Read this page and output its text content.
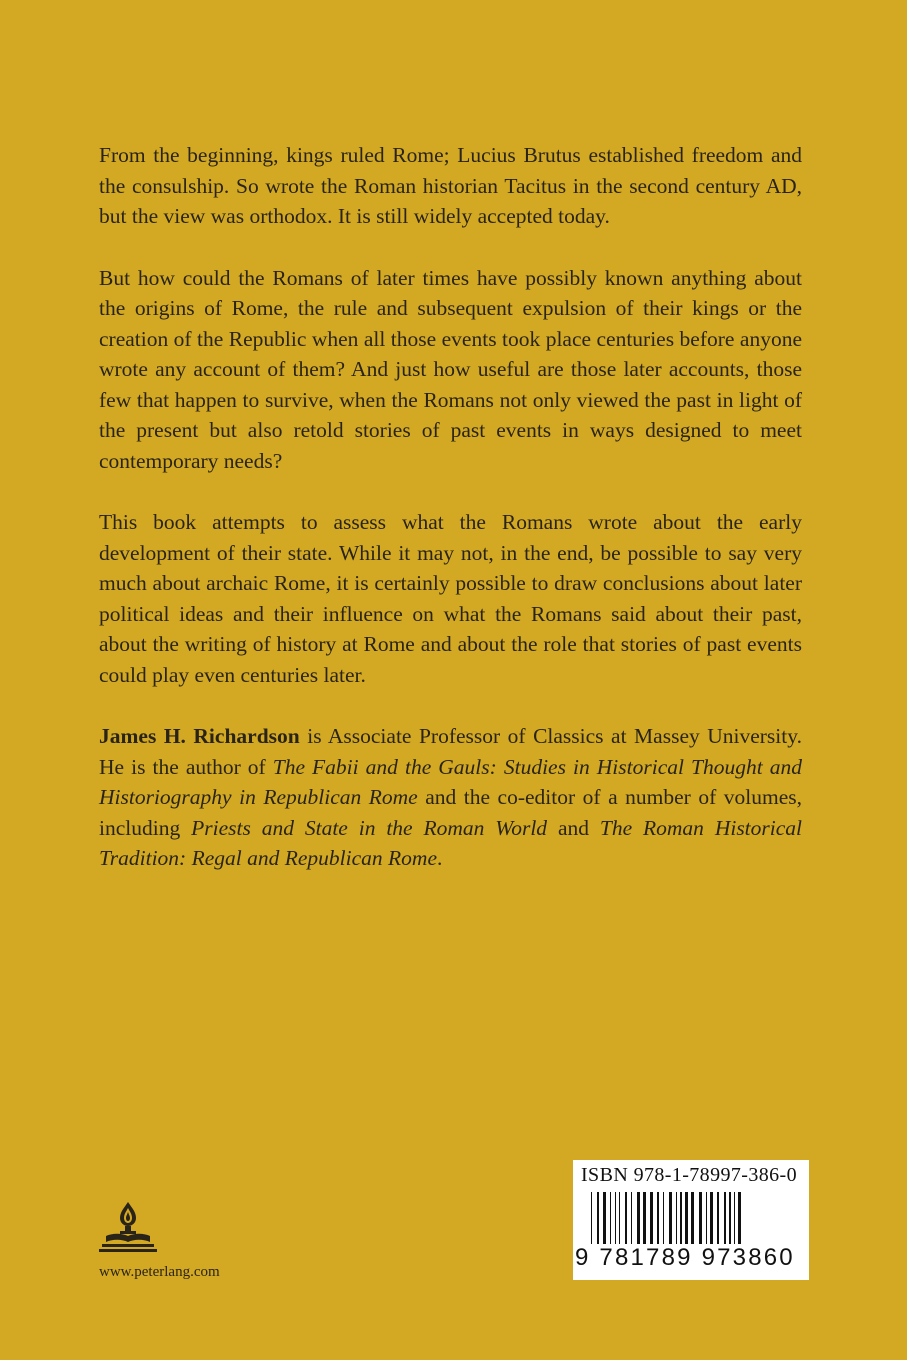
From the beginning, kings ruled Rome; Lucius Brutus established freedom and the consulship. So wrote the Roman historian Tacitus in the second century AD, but the view was orthodox. It is still widely accepted today.

But how could the Romans of later times have possibly known anything about the origins of Rome, the rule and subsequent expulsion of their kings or the creation of the Republic when all those events took place centuries before anyone wrote any account of them? And just how useful are those later accounts, those few that happen to survive, when the Romans not only viewed the past in light of the present but also retold stories of past events in ways designed to meet contemporary needs?

This book attempts to assess what the Romans wrote about the early development of their state. While it may not, in the end, be possible to say very much about archaic Rome, it is certainly possible to draw conclusions about later political ideas and their influence on what the Romans said about their past, about the writing of history at Rome and about the role that stories of past events could play even centuries later.

James H. Richardson is Associate Professor of Classics at Massey University. He is the author of The Fabii and the Gauls: Studies in Historical Thought and Historiography in Republican Rome and the co-editor of a number of volumes, including Priests and State in the Roman World and The Roman Historical Tradition: Regal and Republican Rome.

www.peterlang.com
ISBN 978-1-78997-386-0
9 781789 973860
